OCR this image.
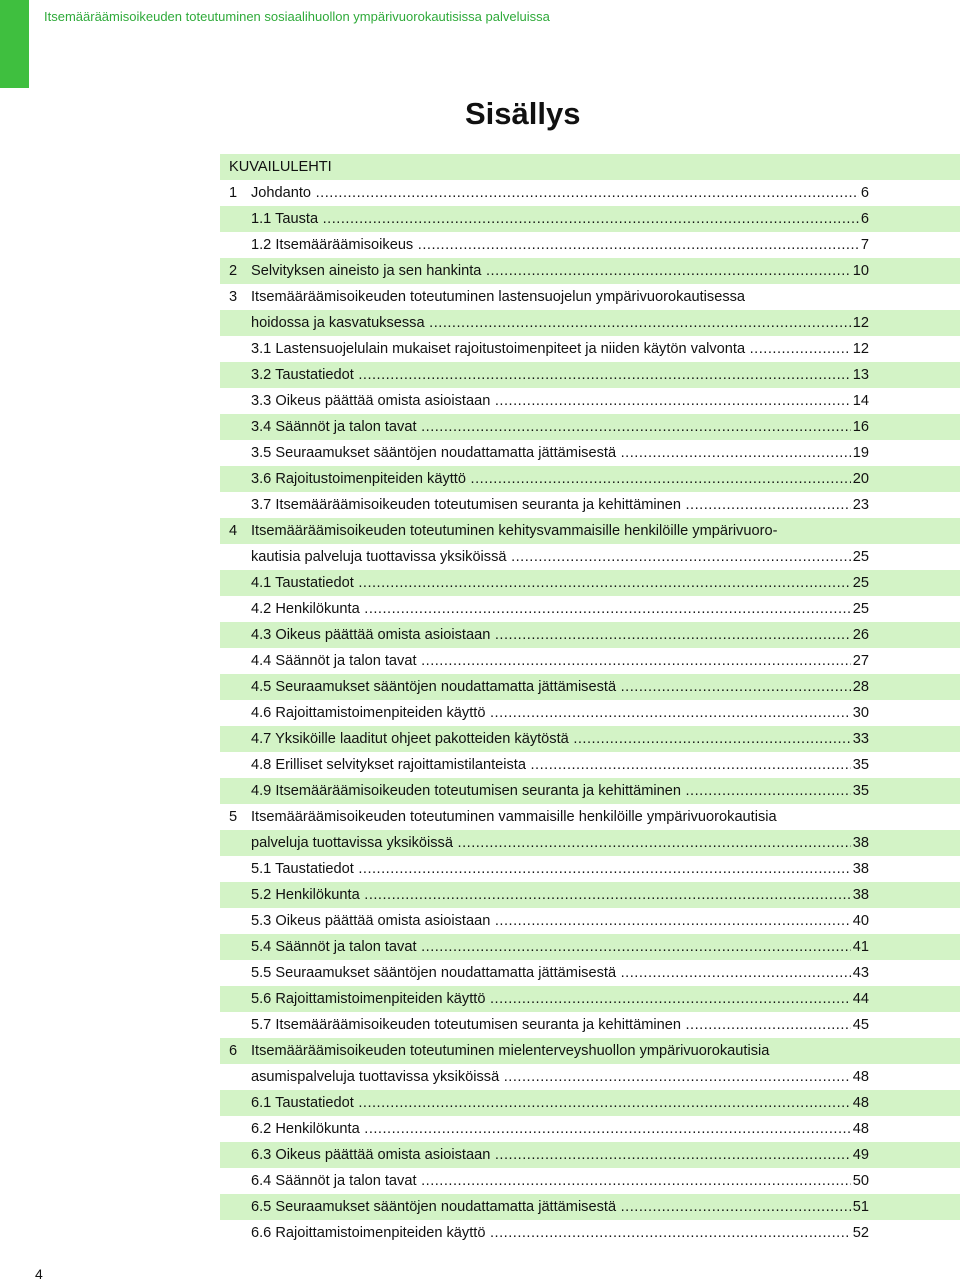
Itsemääräämisoikeuden toteutuminen sosiaalihuollon ympärivuorokautisissa palveluissa
Sisällys
KUVAILULEHTI
1 Johdanto .....	6
1.1 Tausta .....	6
1.2 Itsemääräämisoikeus .....	7
2 Selvityksen aineisto ja sen hankinta .....	10
3 Itsemääräämisoikeuden toteutuminen lastensuojelun ympärivuorokautisessa
hoidossa ja kasvatuksessa .....	12
3.1 Lastensuojelulain mukaiset rajoitustoimenpiteet ja niiden käytön valvonta .....	12
3.2 Taustatiedot .....	13
3.3 Oikeus päättää omista asioistaan .....	14
3.4 Säännöt ja talon tavat .....	16
3.5 Seuraamukset sääntöjen noudattamatta jättämisestä .....	19
3.6 Rajoitustoimenpiteiden käyttö .....	20
3.7 Itsemääräämisoikeuden toteutumisen seuranta ja kehittäminen .....	23
4 Itsemääräämisoikeuden toteutuminen kehitysvammaisille henkilöille ympärivuoro-
kautisia palveluja tuottavissa yksiköissä .....	25
4.1 Taustatiedot .....	25
4.2 Henkilökunta .....	25
4.3 Oikeus päättää omista asioistaan .....	26
4.4 Säännöt ja talon tavat .....	27
4.5 Seuraamukset sääntöjen noudattamatta jättämisestä .....	28
4.6 Rajoittamistoimenpiteiden käyttö .....	30
4.7 Yksiköille laaditut ohjeet pakotteiden käytöstä .....	33
4.8 Erilliset selvitykset rajoittamistilanteista .....	35
4.9 Itsemääräämisoikeuden toteutumisen seuranta ja kehittäminen .....	35
5 Itsemääräämisoikeuden toteutuminen vammaisille henkilöille ympärivuorokautisia
palveluja tuottavissa yksiköissä .....	38
5.1 Taustatiedot .....	38
5.2 Henkilökunta .....	38
5.3 Oikeus päättää omista asioistaan .....	40
5.4 Säännöt ja talon tavat .....	41
5.5 Seuraamukset sääntöjen noudattamatta jättämisestä .....	43
5.6 Rajoittamistoimenpiteiden käyttö .....	44
5.7 Itsemääräämisoikeuden toteutumisen seuranta ja kehittäminen .....	45
6 Itsemääräämisoikeuden toteutuminen mielenterveyshuollon ympärivuorokautisia
asumispalveluja tuottavissa yksiköissä .....	48
6.1 Taustatiedot .....	48
6.2 Henkilökunta .....	48
6.3 Oikeus päättää omista asioistaan .....	49
6.4 Säännöt ja talon tavat .....	50
6.5 Seuraamukset sääntöjen noudattamatta jättämisestä .....	51
6.6 Rajoittamistoimenpiteiden käyttö .....	52
4
